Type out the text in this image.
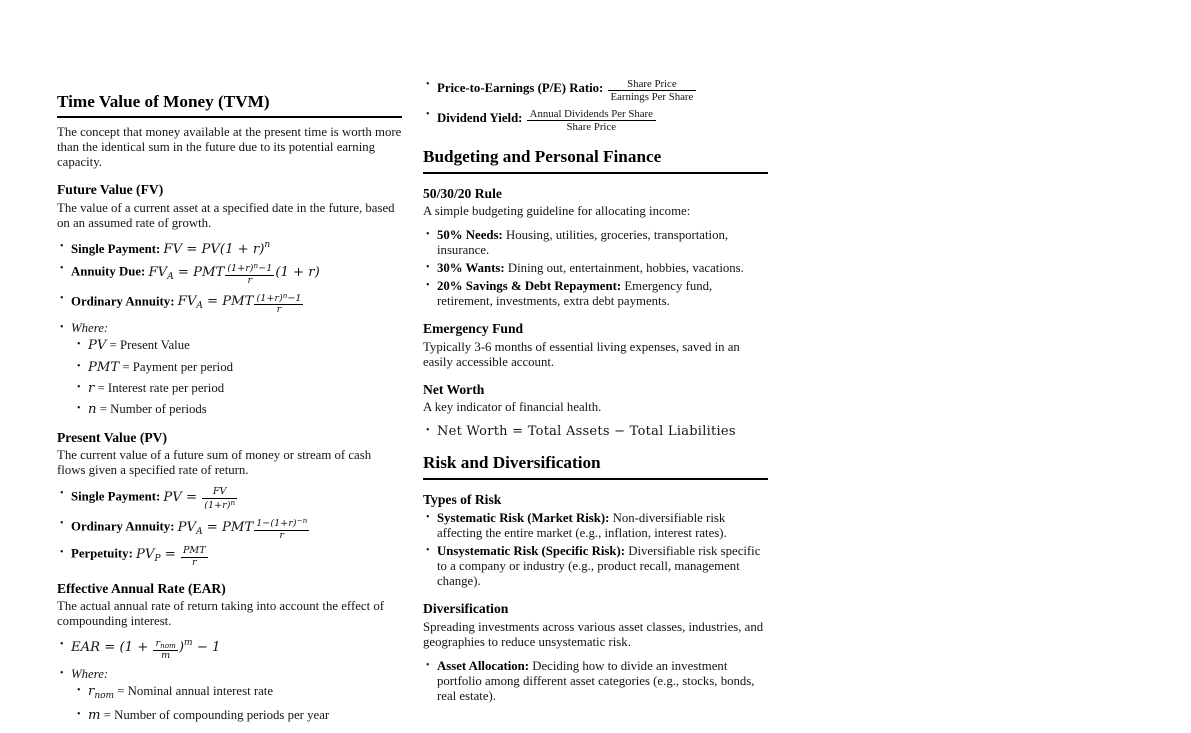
Time Value of Money (TVM)

The concept that money available at the present time is worth more than the identical sum in the future due to its potential earning capacity.

Future Value (FV)

The value of a current asset at a specified date in the future, based on an assumed rate of growth.

• Single Payment: FV = $PV(1 + r)^n$
• Annuity Due: $FV_A$ = PMT $\frac{(1+r)^n-1}{r} (1 + r)$
• Ordinary Annuity: $FV_A$ = PMT $\frac{(1+r)^n-1}{r}$
• Where:
• PV = Present Value
• PMT = Payment per period
• r = Interest rate per period
• n = Number of periods
Present Value (PV)

The current value of a future sum of money or stream of cash flows given a specified rate of return.

• Single Payment: PV = $\frac{FV}{(1+r)^n}$
• Ordinary Annuity: $PV_A$ = PMT $\frac{1-(1+r)^{-n}}{r}$
• Perpetuity: $PV_P = \frac{\text{PMT}}{r}$
Effective Annual Rate (EAR)

The actual annual rate of return taking into account the effect of compounding interest.

• EAR = $(1 + \frac{r_{nom}}{m} )^m - 1$
• Where:
• $r_{nom}$ = Nominal annual interest rate
• m = Number of compounding periods per year
• Price-to-Earnings (P/E) Ratio: $\frac{\text{Share Price}}{\text{Earnings Per Share}}$
• Dividend Yield: $\frac{\text{Annual Dividends Per Share}}{\text{Share Price}}$
Budgeting and Personal Finance
50/30/20 Rule

A simple budgeting guideline for allocating income:

• 50% Needs: Housing, utilities, groceries, transportation, insurance.
• 30% Wants: Dining out, entertainment, hobbies, vacations.
• 20% Savings & Debt Repayment: Emergency fund, retirement, investments, extra debt payments.
Emergency Fund

Typically 3-6 months of essential living expenses, saved in an easily accessible account.

Net Worth

A key indicator of financial health.

• Net Worth = Total Assets − Total Liabilities
Risk and Diversification
Types of Risk
• Systematic Risk (Market Risk): Non-diversifiable risk affecting the entire market (e.g., inflation, interest rates).
• Unsystematic Risk (Specific Risk): Diversifiable risk specific to a company or industry (e.g., product recall, management change).
Diversification

Spreading investments across various asset classes, industries, and geographies to reduce unsystematic risk.

• Asset Allocation: Deciding how to divide an investment portfolio among different asset categories (e.g., stocks, bonds, real estate).
